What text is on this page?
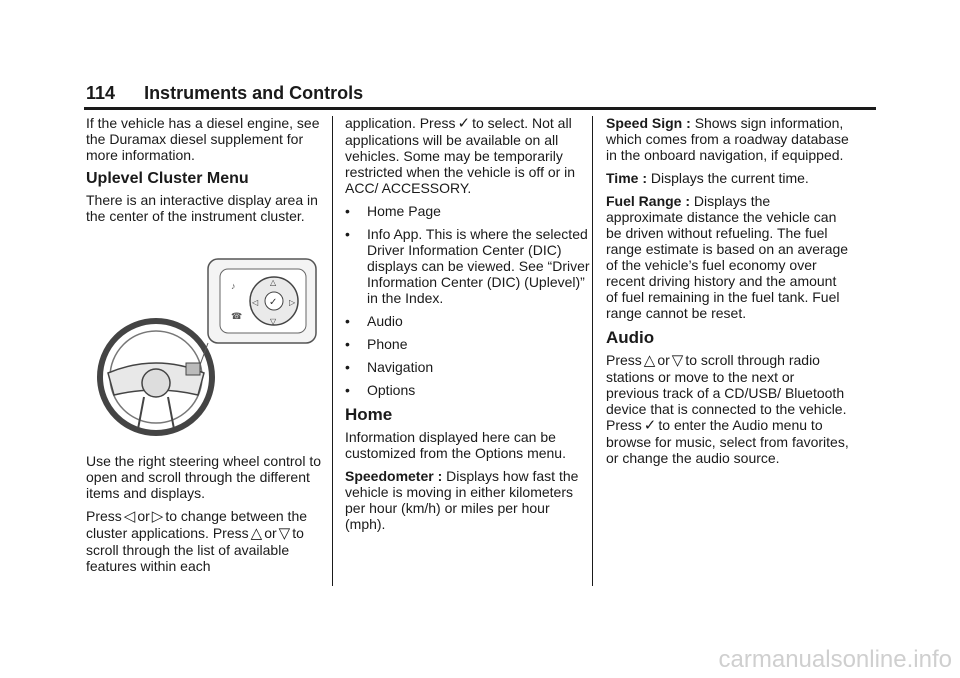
114 Instruments and Controls

If the vehicle has a diesel engine, see the Duramax diesel supplement for more information.

Uplevel Cluster Menu

There is an interactive display area in the center of the instrument cluster.

✓
△
▽
◁	▷
♪
☎

Use the right steering wheel control to open and scroll through the different items and displays.

Press ◁ or ▷ to change between the cluster applications. Press △ or ▽ to scroll through the list of available features within each

application. Press ✓ to select. Not all applications will be available on all vehicles. Some may be temporarily restricted when the vehicle is off or in ACC/ ACCESSORY.

• Home Page
• Info App. This is where the selected Driver Information Center (DIC) displays can be viewed. See “Driver Information Center (DIC) (Uplevel)” in the Index.
• Audio
• Phone
• Navigation
• Options
Home

Information displayed here can be customized from the Options menu.

Speedometer : Displays how fast the vehicle is moving in either kilometers per hour (km/h) or miles per hour (mph).

Speed Sign : Shows sign information, which comes from a roadway database in the onboard navigation, if equipped.

Time : Displays the current time.

Fuel Range : Displays the approximate distance the vehicle can be driven without refueling. The fuel range estimate is based on an average of the vehicle’s fuel economy over recent driving history and the amount of fuel remaining in the fuel tank. Fuel range cannot be reset.

Audio

Press △ or ▽ to scroll through radio stations or move to the next or previous track of a CD/USB/ Bluetooth device that is connected to the vehicle. Press ✓ to enter the Audio menu to browse for music, select from favorites, or change the audio source.

carmanualsonline.info
